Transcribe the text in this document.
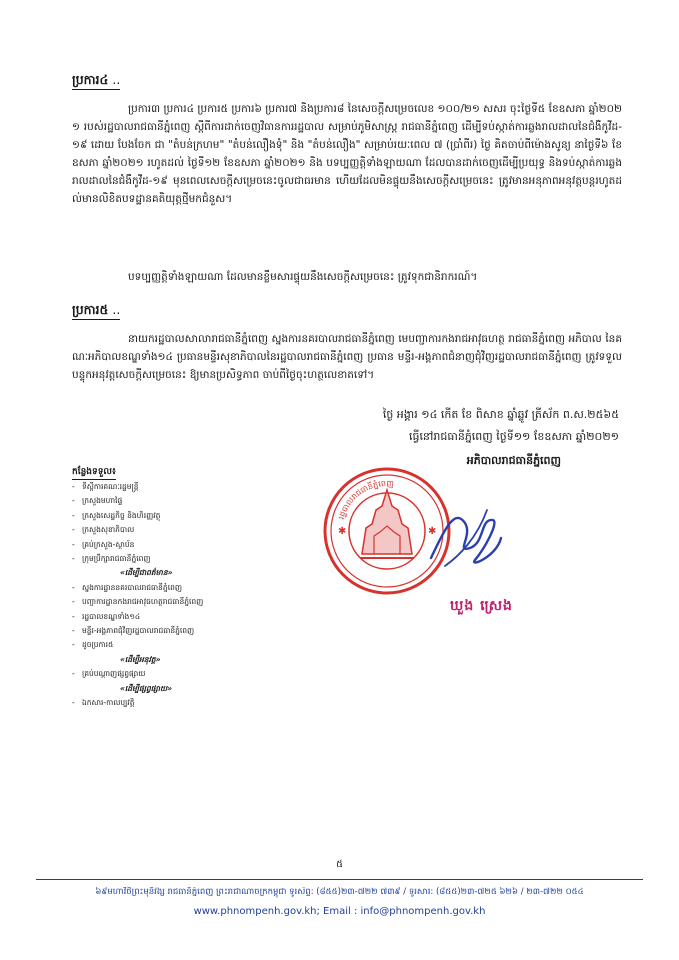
ប្រការ៤ ..

ប្រការ៣ ប្រការ៤ ប្រការ៥ ប្រការ៦ ប្រការ៧ និងប្រការ៨ នៃសេចក្តីសម្រេចលេខ ១០០/២១ សសរ ចុះថ្ងៃទី៥ ខែឧសភា ឆ្នាំ២០២១ របស់រដ្ឋបាលរាជធានីភ្នំពេញ ស្តីពីការដាក់ចេញវិធានការរដ្ឋបាល សម្រាប់ភូមិសាស្ត្រ រាជធានីភ្នំពេញ ដើម្បីទប់ស្កាត់ការឆ្លងរាលដាលនៃជំងឺកូវីដ-១៩ ដោយ បែងចែក ជា "តំបន់ក្រហម" "តំបន់លឿងទុំ" និង "តំបន់លឿង" សម្រាប់រយៈពេល ៧ (ប្រាំពីរ) ថ្ងៃ គិតចាប់ពីម៉ោងសូន្យ នាថ្ងៃទី៦ ខែឧសភា ឆ្នាំ២០២១ រហូតដល់ ថ្ងៃទី១២ ខែឧសភា ឆ្នាំ២០២១ និង បទប្បញ្ញត្តិទាំងឡាយណា ដែលបានដាក់ចេញដើម្បីប្រយុទ្ធ និងទប់ស្កាត់ការឆ្លង រាលដាលនៃជំងឺកូវីដ-១៩ មុនពេលសេចក្តីសម្រេចនេះចូលជាធរមាន ហើយដែលមិនផ្ទុយនឹងសេចក្តីសម្រេចនេះ ត្រូវមានអនុភាពអនុវត្តបន្តរហូតដល់មានលិខិតបទដ្ឋានគតិយុត្តថ្មីមកជំនួស។

បទប្បញ្ញត្តិទាំងឡាយណា ដែលមានខ្លឹមសារផ្ទុយនឹងសេចក្តីសម្រេចនេះ ត្រូវទុកជានិរាករណ៍។

ប្រការ៥ ..

នាយករដ្ឋបាលសាលារាជធានីភ្នំពេញ ស្នងការនគរបាលរាជធានីភ្នំពេញ មេបញ្ជាការកងរាជអាវុធហត្ថ រាជធានីភ្នំពេញ អភិបាល នៃគណៈអភិបាលខណ្ឌទាំង១៤ ប្រធានមន្ទីរសុខាភិបាលនៃរដ្ឋបាលរាជធានីភ្នំពេញ ប្រធាន មន្ទីរ-អង្គភាពជំនាញជុំវិញរដ្ឋបាលរាជធានីភ្នំពេញ ត្រូវទទួលបន្ទុកអនុវត្តសេចក្តីសម្រេចនេះ ឱ្យមានប្រសិទ្ធភាព ចាប់ពីថ្ងៃចុះហត្ថលេខាតទៅ។

ថ្ងៃ អង្គារ ១៤ កើត ខែ ពិសាខ ឆ្នាំឆ្លូវ ត្រីស័ក ព.ស.២៥៦៥
ធ្វើនៅរាជធានីភ្នំពេញ ថ្ងៃទី១១ ខែឧសភា ឆ្នាំ២០២១
អភិបាលរាជធានីភ្នំពេញ
កន្លែងទទួល៖
- ទីស្តីការគណៈរដ្ឋមន្ត្រី
- ក្រសួងមហាផ្ទៃ
- ក្រសួងសេដ្ឋកិច្ច និងហិរញ្ញវត្ថុ
- ក្រសួងសុខាភិបាល
- គ្រប់ក្រសួង-ស្ថាប័ន
- ក្រុមប្រឹក្សារាជធានីភ្នំពេញ
«ដើម្បីជាពត៌មាន»
- ស្នងការដ្ឋាននគរបាលរាជធានីភ្នំពេញ
- បញ្ជាការដ្ឋានកងរាជអាវុធហត្ថរាជធានីភ្នំពេញ
- រដ្ឋបាលខណ្ឌទាំង១៤
- មន្ទីរ-អង្គភាពជុំវិញរដ្ឋបាលរាជធានីភ្នំពេញ
- ដូចប្រការ៥
«ដើម្បីអនុវត្ត»
- គ្រប់បណ្តាញផ្សព្វផ្សាយ
«ដើម្បីផ្សព្វផ្សាយ»
- ឯកសារ-កាលប្បវត្តិ
✱	✱
រដ្ឋបាលរាជធានីភ្នំពេញ
ឃួង ស្រេង
៥
៦៩មហាវិថីព្រះមុនីវង្ស រាជធានីភ្នំពេញ ព្រះរាជាណាចក្រកម្ពុជា ទូរស័ព្ទ: (៨៥៥)២៣-៧២២ ៧៣៩ / ទូរសារ: (៨៥៥)២៣-៧២៥ ៦២៦ / ២៣-៧២២ ០៥៤
www.phnompenh.gov.kh; Email : info@phnompenh.gov.kh
